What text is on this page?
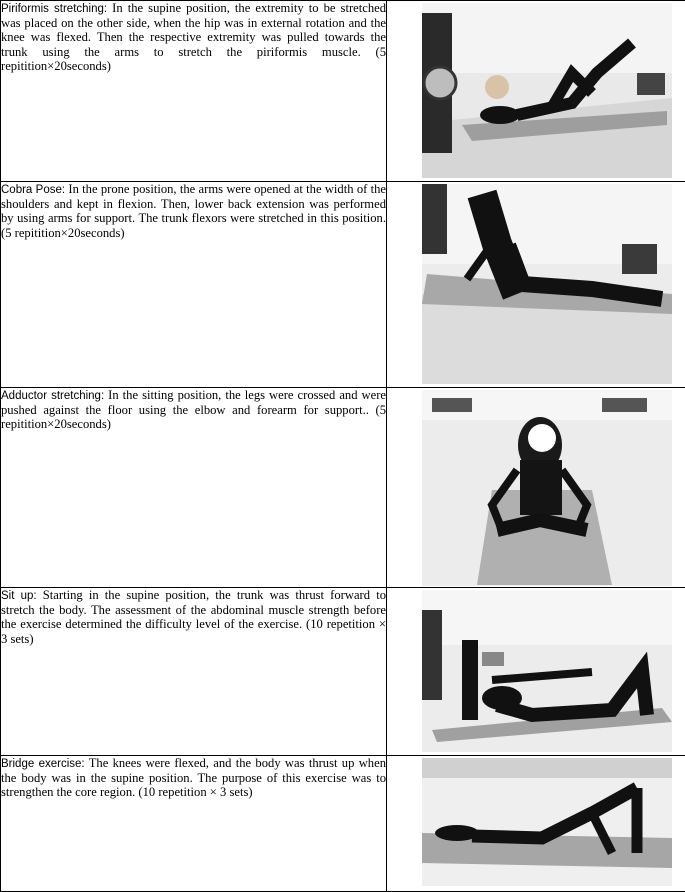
Piriformis stretching: In the supine position, the extremity to be stretched was placed on the other side, when the hip was in external rotation and the knee was flexed. Then the respective extremity was pulled towards the trunk using the arms to stretch the piriformis muscle. (5 repitition×20seconds)	

Cobra Pose: In the prone position, the arms were opened at the width of the shoulders and kept in flexion. Then, lower back extension was performed by using arms for support. The trunk flexors were stretched in this position. (5 repitition×20seconds)	

Adductor stretching: In the sitting position, the legs were crossed and were pushed against the floor using the elbow and forearm for support.. (5 repitition×20seconds)	

Sit up: Starting in the supine position, the trunk was thrust forward to stretch the body. The assessment of the abdominal muscle strength before the exercise determined the difficulty level of the exercise. (10 repetition × 3 sets)	

Bridge exercise: The knees were flexed, and the body was thrust up when the body was in the supine position. The purpose of this exercise was to strengthen the core region. (10 repetition × 3 sets)	
